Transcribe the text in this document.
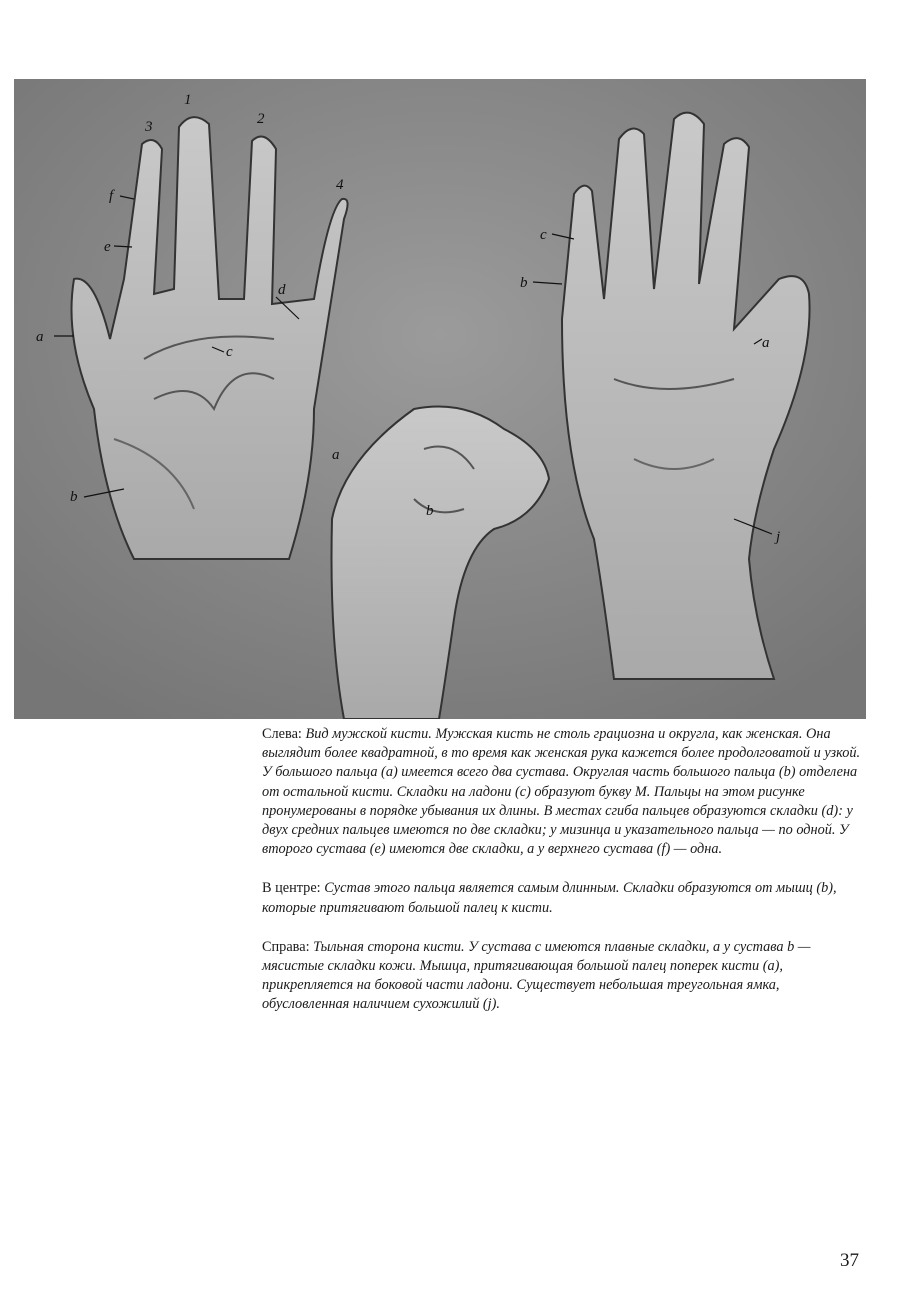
3
1
2
4
f
e
a
d
c
b
a
b
c
b
a
j

Слева: Вид мужской кисти. Мужская кисть не столь грациозна и округла, как женская. Она выглядит более квадратной, в то время как женская рука кажется более продолговатой и узкой. У большого пальца (a) имеется всего два сустава. Округлая часть большого пальца (b) отделена от остальной кисти. Складки на ладони (c) образуют букву М. Пальцы на этом рисунке пронумерованы в порядке убывания их длины. В местах сгиба пальцев образуются складки (d): у двух средних пальцев имеются по две складки; у мизинца и указательного пальца — по одной. У второго сустава (e) имеются две складки, а у верхнего сустава (f) — одна.

В центре: Сустав этого пальца является самым длинным. Складки образуются от мышц (b), которые притягивают большой палец к кисти.

Справа: Тыльная сторона кисти. У сустава c имеются плавные складки, а у сустава b — мясистые складки кожи. Мышца, притягивающая большой палец поперек кисти (a), прикрепляется на боковой части ладони. Существует небольшая треугольная ямка, обусловленная наличием сухожилий (j).

37
